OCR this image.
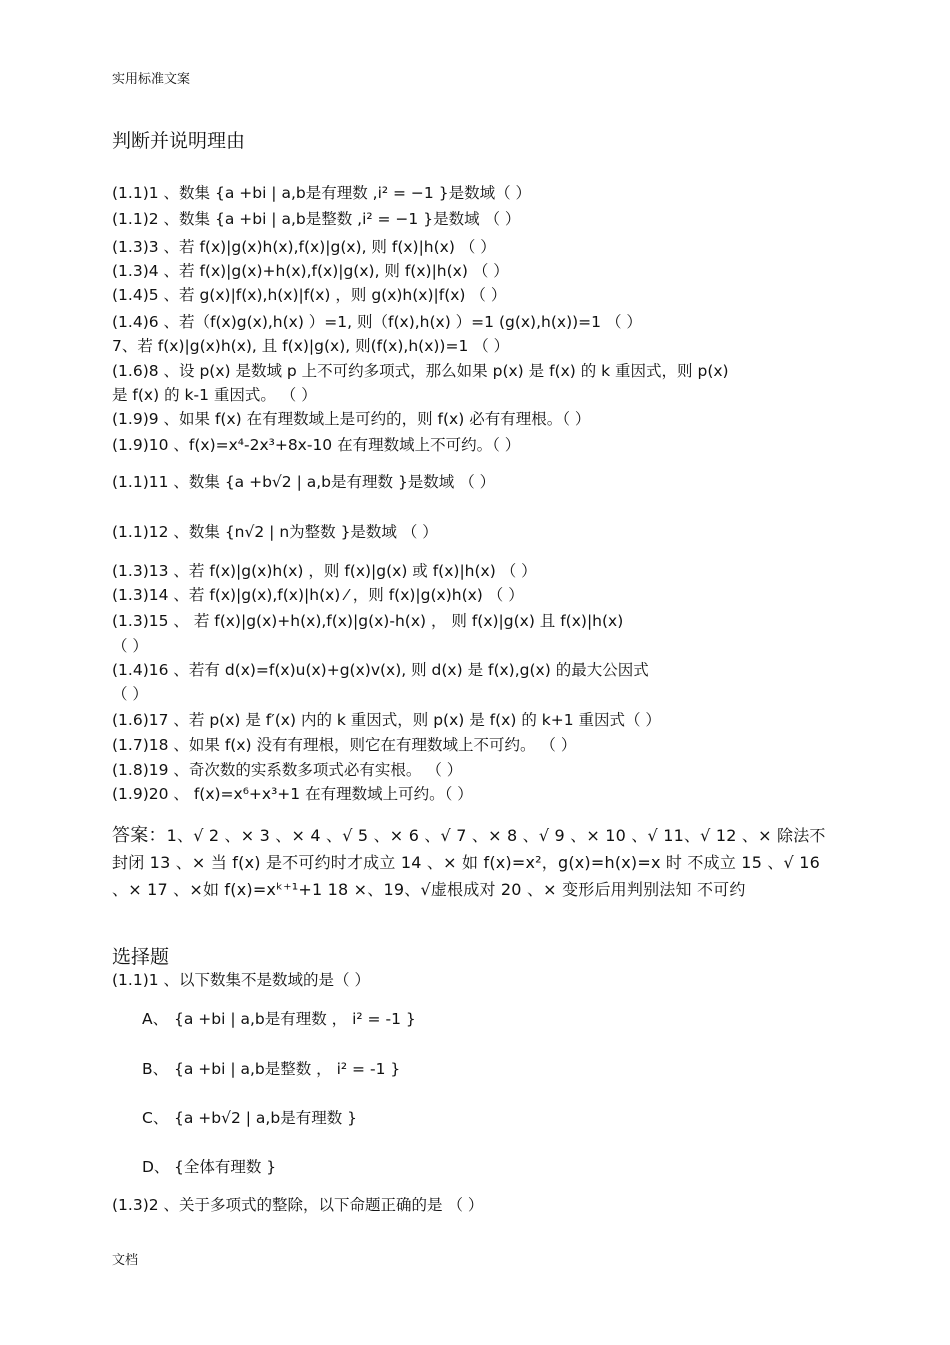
实用标准文案
判断并说明理由
(1.1)1 、数集 {a +bi | a,b是有理数 ,i² = −1 }是数域（ ）
(1.1)2 、数集 {a +bi | a,b是整数 ,i² = −1 }是数域 （ ）
(1.3)3 、若 f(x)|g(x)h(x),f(x)|g(x), 则 f(x)|h(x) （ ）
(1.3)4 、若 f(x)|g(x)+h(x),f(x)|g(x), 则 f(x)|h(x) （ ）
(1.4)5 、若 g(x)|f(x),h(x)|f(x) ，则 g(x)h(x)|f(x) （ ）
(1.4)6 、若（f(x)g(x),h(x) ）=1, 则（f(x),h(x) ）=1 (g(x),h(x))=1 （ ）
7、若 f(x)|g(x)h(x), 且 f(x)|g(x), 则(f(x),h(x))=1 （ ）
(1.6)8 、设 p(x) 是数域 p 上不可约多项式，那么如果 p(x) 是 f(x) 的 k 重因式，则 p(x)
是 f(x) 的 k-1 重因式。 （ ）
(1.9)9 、如果 f(x) 在有理数域上是可约的，则 f(x) 必有有理根。（ ）
(1.9)10 、f(x)=x⁴-2x³+8x-10 在有理数域上不可约。（ ）
(1.1)11 、数集 {a +b√2 | a,b是有理数 }是数域 （ ）
(1.1)12 、数集 {n√2 | n为整数 }是数域 （ ）
(1.3)13 、若 f(x)|g(x)h(x) ，则 f(x)|g(x) 或 f(x)|h(x) （ ）
(1.3)14 、若 f(x)|g(x),f(x)|h(x) ⁄ ，则 f(x)|g(x)h(x) （ ）
(1.3)15 、 若 f(x)|g(x)+h(x),f(x)|g(x)-h(x) ， 则 f(x)|g(x) 且 f(x)|h(x)
（ ）
(1.4)16 、若有 d(x)=f(x)u(x)+g(x)v(x), 则 d(x) 是 f(x),g(x) 的最大公因式
（ ）
(1.6)17 、若 p(x) 是 f′(x) 内的 k 重因式，则 p(x) 是 f(x) 的 k+1 重因式（ ）
(1.7)18 、如果 f(x) 没有有理根，则它在有理数域上不可约。 （ ）
(1.8)19 、奇次数的实系数多项式必有实根。 （ ）
(1.9)20 、 f(x)=x⁶+x³+1 在有理数域上可约。（ ）
答案：1、√ 2 、× 3 、× 4 、√ 5 、× 6 、√ 7 、× 8 、√ 9 、× 10 、√ 11、√ 12 、× 除法不封闭 13 、× 当 f(x) 是不可约时才成立 14 、× 如 f(x)=x²，g(x)=h(x)=x 时 不成立 15 、√ 16 、× 17 、×如 f(x)=xᵏ⁺¹+1 18 ×、19、√虚根成对 20 、× 变形后用判别法知 不可约
选择题
(1.1)1 、以下数集不是数域的是（ ）
A、 {a +bi | a,b是有理数 ， i² = -1 }
B、 {a +bi | a,b是整数 ， i² = -1 }
C、 {a +b√2 | a,b是有理数 }
D、 {全体有理数 }
(1.3)2 、关于多项式的整除，以下命题正确的是 （ ）
文档
